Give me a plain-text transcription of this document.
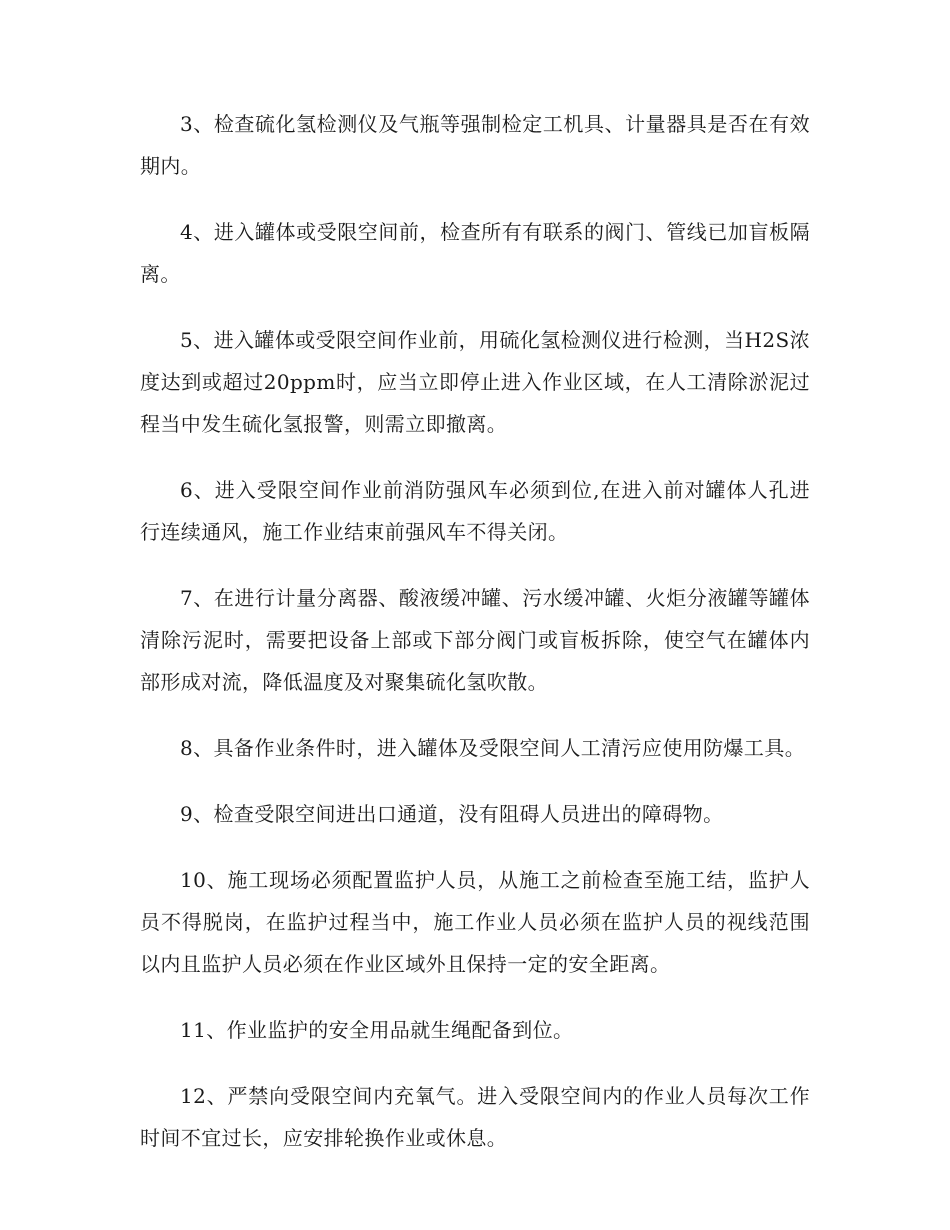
3、检查硫化氢检测仪及气瓶等强制检定工机具、计量器具是否在有效期内。

4、进入罐体或受限空间前，检查所有有联系的阀门、管线已加盲板隔离。

5、进入罐体或受限空间作业前，用硫化氢检测仪进行检测，当H2S浓度达到或超过20ppm时，应当立即停止进入作业区域，在人工清除淤泥过程当中发生硫化氢报警，则需立即撤离。

6、进入受限空间作业前消防强风车必须到位,在进入前对罐体人孔进行连续通风，施工作业结束前强风车不得关闭。

7、在进行计量分离器、酸液缓冲罐、污水缓冲罐、火炬分液罐等罐体清除污泥时，需要把设备上部或下部分阀门或盲板拆除，使空气在罐体内部形成对流，降低温度及对聚集硫化氢吹散。

8、具备作业条件时，进入罐体及受限空间人工清污应使用防爆工具。

9、检查受限空间进出口通道，没有阻碍人员进出的障碍物。

10、施工现场必须配置监护人员，从施工之前检查至施工结，监护人员不得脱岗，在监护过程当中，施工作业人员必须在监护人员的视线范围以内且监护人员必须在作业区域外且保持一定的安全距离。

11、作业监护的安全用品就生绳配备到位。

12、严禁向受限空间内充氧气。进入受限空间内的作业人员每次工作时间不宜过长，应安排轮换作业或休息。
